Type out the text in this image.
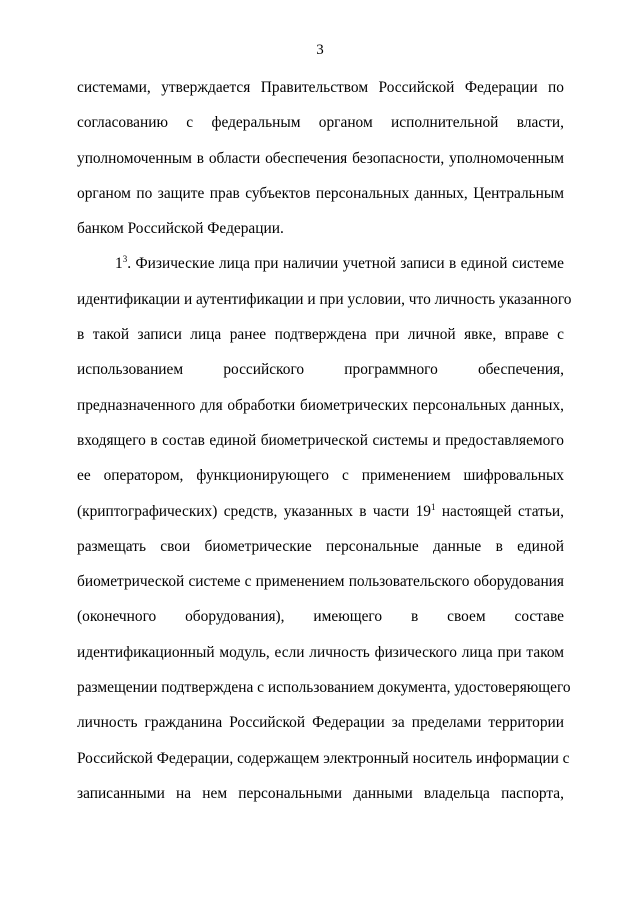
3
системами, утверждается Правительством Российской Федерации по
согласованию с федеральным органом исполнительной власти,
уполномоченным в области обеспечения безопасности, уполномоченным
органом по защите прав субъектов персональных данных, Центральным
банком Российской Федерации.
$1^3$. Физические лица при наличии учетной записи в единой системе
идентификации и аутентификации и при условии, что личность указанного
в такой записи лица ранее подтверждена при личной явке, вправе с
использованием российского программного обеспечения,
предназначенного для обработки биометрических персональных данных,
входящего в состав единой биометрической системы и предоставляемого
ее оператором, функционирующего с применением шифровальных
(криптографических) средств, указанных в части $19^1$ настоящей статьи,
размещать свои биометрические персональные данные в единой
биометрической системе с применением пользовательского оборудования
(оконечного оборудования), имеющего в своем составе
идентификационный модуль, если личность физического лица при таком
размещении подтверждена с использованием документа, удостоверяющего
личность гражданина Российской Федерации за пределами территории
Российской Федерации, содержащем электронный носитель информации с
записанными на нем персональными данными владельца паспорта,
